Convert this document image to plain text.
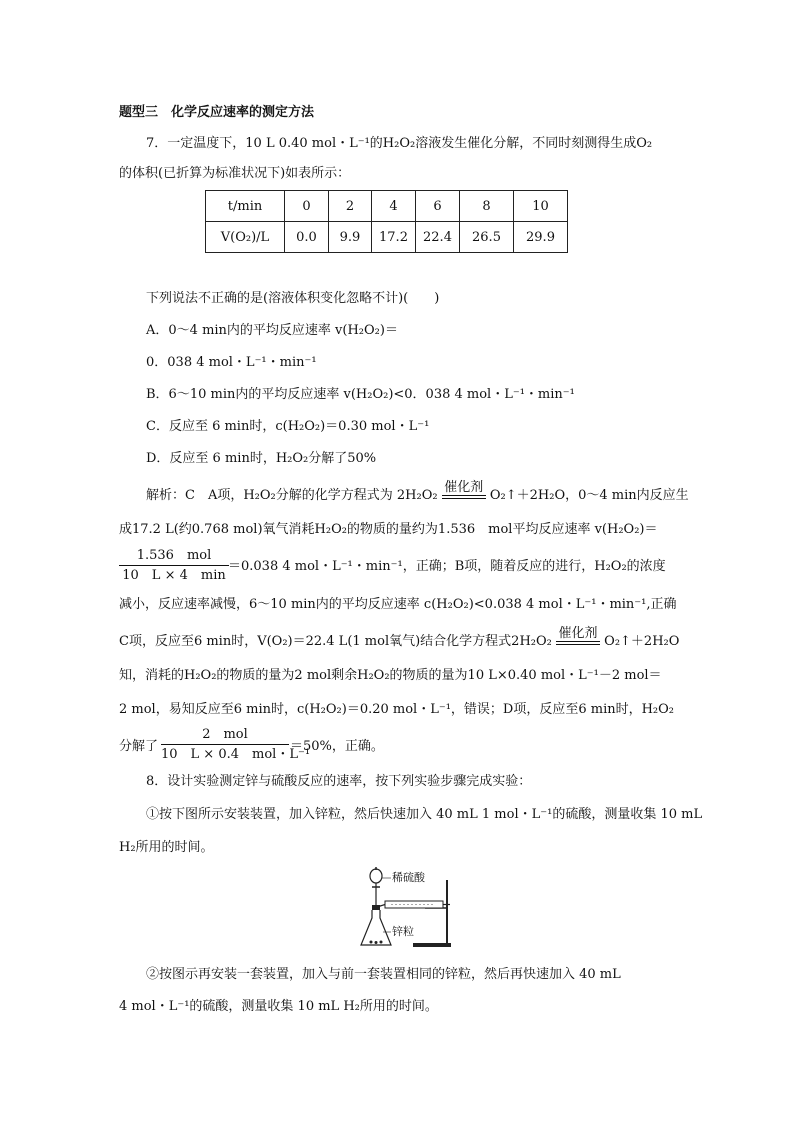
题型三　化学反应速率的测定方法
7．一定温度下，10 L 0.40 mol・L⁻¹的H₂O₂溶液发生催化分解，不同时刻测得生成O₂
的体积(已折算为标准状况下)如表所示：
t/min	0	2	4	6	8	10
V(O₂)/L	0.0	9.9	17.2	22.4	26.5	29.9
下列说法不正确的是(溶液体积变化忽略不计)(　　)
A．0～4 min内的平均反应速率 v(H₂O₂)＝
0．038 4 mol・L⁻¹・min⁻¹
B．6～10 min内的平均反应速率 v(H₂O₂)<0．038 4 mol・L⁻¹・min⁻¹
C．反应至 6 min时，c(H₂O₂)＝0.30 mol・L⁻¹
D．反应至 6 min时，H₂O₂分解了50%
解析：C　A项，H₂O₂分解的化学方程式为 2H₂O₂
催化剂
O₂↑＋2H₂O，0～4 min内反应生
成17.2 L(约0.768 mol)氧气消耗H₂O₂的物质的量约为1.536　mol平均反应速率 v(H₂O₂)＝
1.536　mol
10　L × 4　min
＝0.038 4 mol・L⁻¹・min⁻¹，正确；B项，随着反应的进行，H₂O₂的浓度
减小，反应速率减慢，6～10 min内的平均反应速率 c(H₂O₂)<0.038 4 mol・L⁻¹・min⁻¹,正确
C项，反应至6 min时，V(O₂)＝22.4 L(1 mol氧气)结合化学方程式2H₂O₂
催化剂
O₂↑＋2H₂O
知，消耗的H₂O₂的物质的量为2 mol剩余H₂O₂的物质的量为10 L×0.40 mol・L⁻¹－2 mol＝
2 mol，易知反应至6 min时，c(H₂O₂)＝0.20 mol・L⁻¹，错误；D项，反应至6 min时，H₂O₂
分解了
2　mol
10　L × 0.4　mol・L⁻¹
＝50%，正确。
8．设计实验测定锌与硫酸反应的速率，按下列实验步骤完成实验：
①按下图所示安装装置，加入锌粒，然后快速加入 40 mL 1 mol・L⁻¹的硫酸，测量收集 10 mL
H₂所用的时间。
稀硫酸
锌粒
②按图示再安装一套装置，加入与前一套装置相同的锌粒，然后再快速加入 40 mL
4 mol・L⁻¹的硫酸，测量收集 10 mL H₂所用的时间。
